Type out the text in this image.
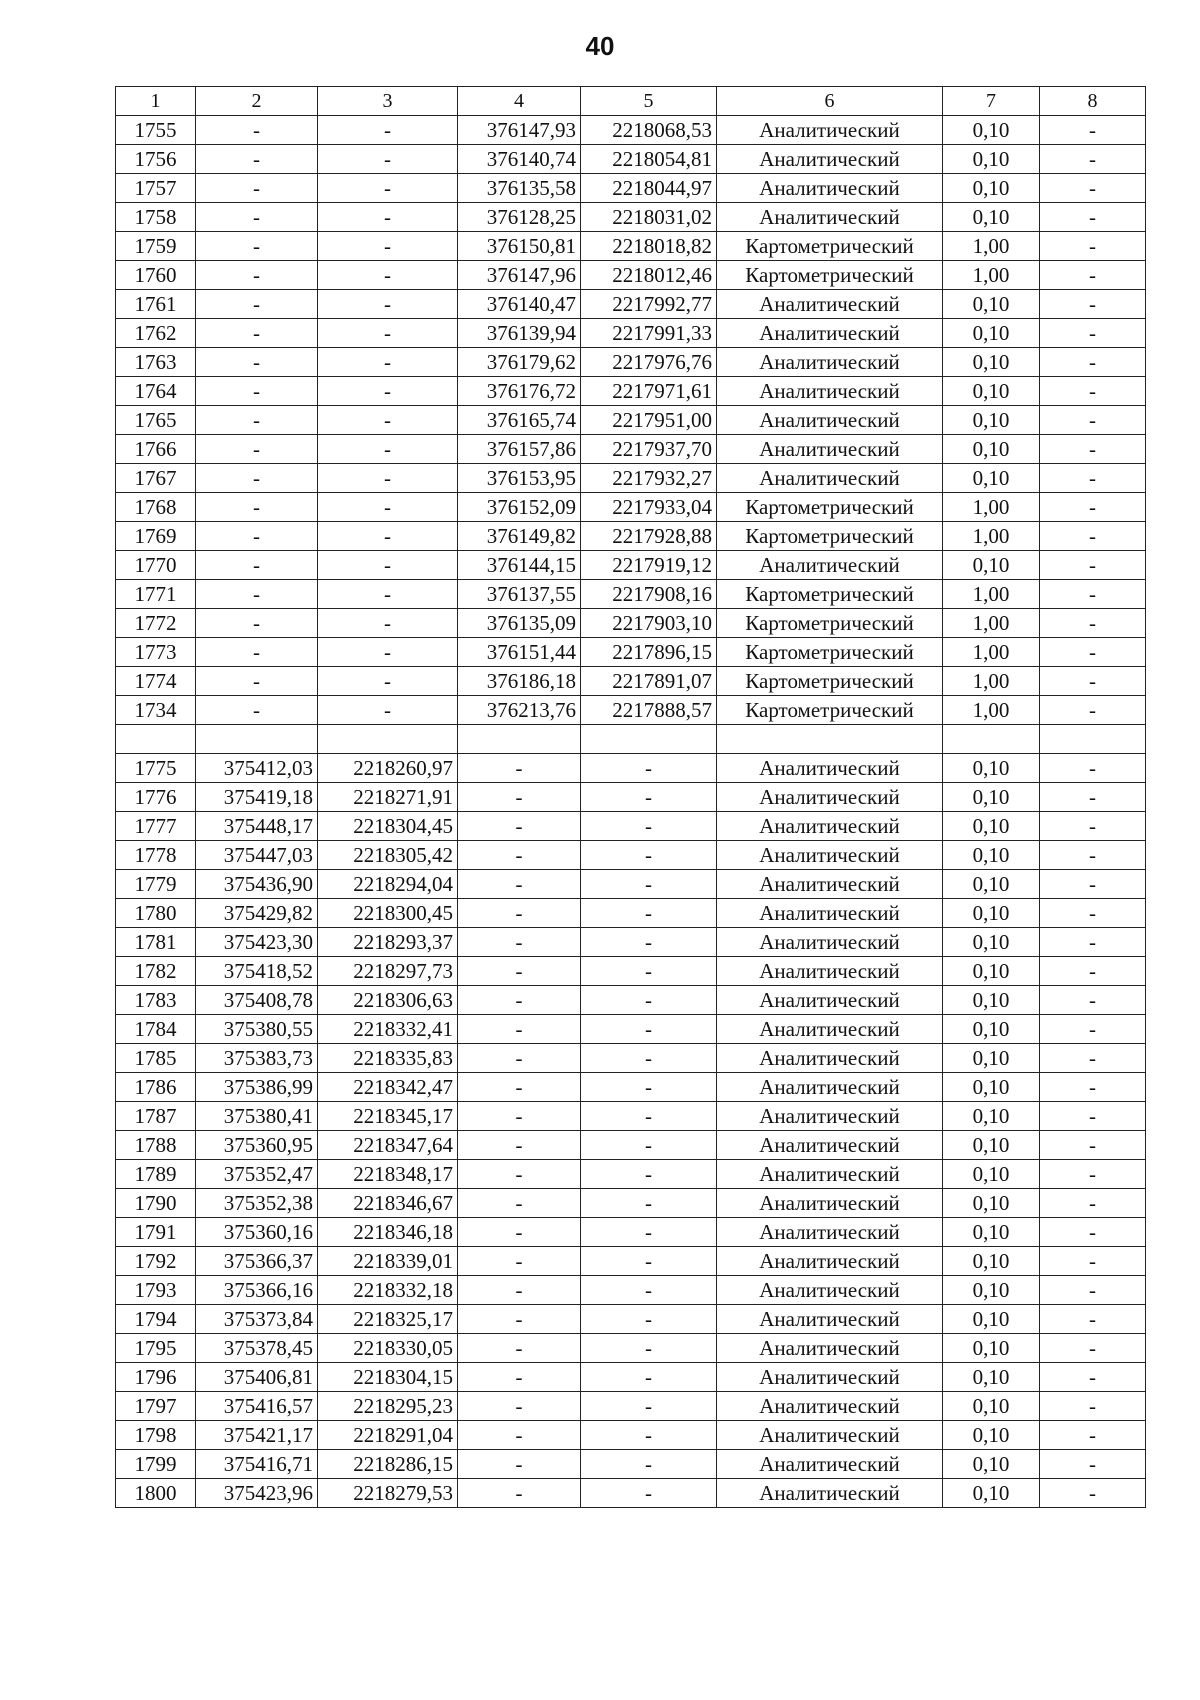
40
1	2	3	4	5	6	7	8
1755	-	-	376147,93	2218068,53	Аналитический	0,10	-
1756	-	-	376140,74	2218054,81	Аналитический	0,10	-
1757	-	-	376135,58	2218044,97	Аналитический	0,10	-
1758	-	-	376128,25	2218031,02	Аналитический	0,10	-
1759	-	-	376150,81	2218018,82	Картометрический	1,00	-
1760	-	-	376147,96	2218012,46	Картометрический	1,00	-
1761	-	-	376140,47	2217992,77	Аналитический	0,10	-
1762	-	-	376139,94	2217991,33	Аналитический	0,10	-
1763	-	-	376179,62	2217976,76	Аналитический	0,10	-
1764	-	-	376176,72	2217971,61	Аналитический	0,10	-
1765	-	-	376165,74	2217951,00	Аналитический	0,10	-
1766	-	-	376157,86	2217937,70	Аналитический	0,10	-
1767	-	-	376153,95	2217932,27	Аналитический	0,10	-
1768	-	-	376152,09	2217933,04	Картометрический	1,00	-
1769	-	-	376149,82	2217928,88	Картометрический	1,00	-
1770	-	-	376144,15	2217919,12	Аналитический	0,10	-
1771	-	-	376137,55	2217908,16	Картометрический	1,00	-
1772	-	-	376135,09	2217903,10	Картометрический	1,00	-
1773	-	-	376151,44	2217896,15	Картометрический	1,00	-
1774	-	-	376186,18	2217891,07	Картометрический	1,00	-
1734	-	-	376213,76	2217888,57	Картометрический	1,00	-

1775	375412,03	2218260,97	-	-	Аналитический	0,10	-
1776	375419,18	2218271,91	-	-	Аналитический	0,10	-
1777	375448,17	2218304,45	-	-	Аналитический	0,10	-
1778	375447,03	2218305,42	-	-	Аналитический	0,10	-
1779	375436,90	2218294,04	-	-	Аналитический	0,10	-
1780	375429,82	2218300,45	-	-	Аналитический	0,10	-
1781	375423,30	2218293,37	-	-	Аналитический	0,10	-
1782	375418,52	2218297,73	-	-	Аналитический	0,10	-
1783	375408,78	2218306,63	-	-	Аналитический	0,10	-
1784	375380,55	2218332,41	-	-	Аналитический	0,10	-
1785	375383,73	2218335,83	-	-	Аналитический	0,10	-
1786	375386,99	2218342,47	-	-	Аналитический	0,10	-
1787	375380,41	2218345,17	-	-	Аналитический	0,10	-
1788	375360,95	2218347,64	-	-	Аналитический	0,10	-
1789	375352,47	2218348,17	-	-	Аналитический	0,10	-
1790	375352,38	2218346,67	-	-	Аналитический	0,10	-
1791	375360,16	2218346,18	-	-	Аналитический	0,10	-
1792	375366,37	2218339,01	-	-	Аналитический	0,10	-
1793	375366,16	2218332,18	-	-	Аналитический	0,10	-
1794	375373,84	2218325,17	-	-	Аналитический	0,10	-
1795	375378,45	2218330,05	-	-	Аналитический	0,10	-
1796	375406,81	2218304,15	-	-	Аналитический	0,10	-
1797	375416,57	2218295,23	-	-	Аналитический	0,10	-
1798	375421,17	2218291,04	-	-	Аналитический	0,10	-
1799	375416,71	2218286,15	-	-	Аналитический	0,10	-
1800	375423,96	2218279,53	-	-	Аналитический	0,10	-
